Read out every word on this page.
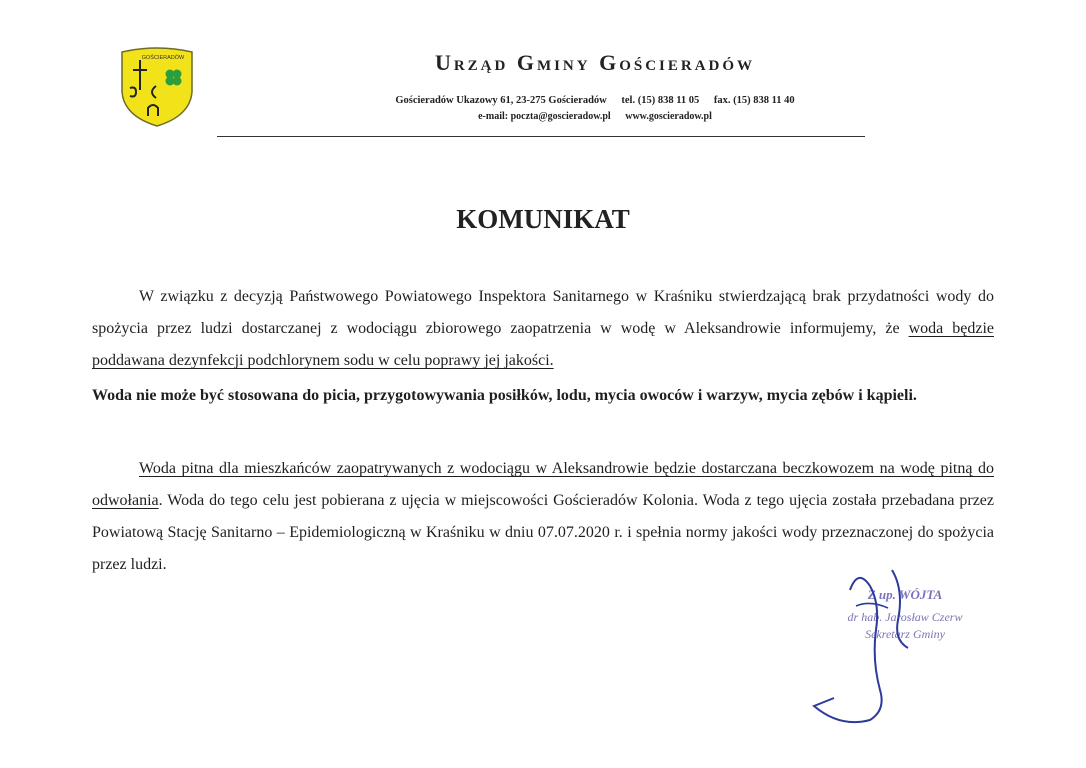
GOŚCIERADÓW	Urząd Gminy Gościeradów
Gościeradów Ukazowy 61, 23-275 Gościeradów tel. (15) 838 11 05 fax. (15) 838 11 40
e-mail: poczta@goscieradow.pl www.goscieradow.pl
KOMUNIKAT
W związku z decyzją Państwowego Powiatowego Inspektora Sanitarnego w Kraśniku stwierdzającą brak przydatności wody do spożycia przez ludzi dostarczanej z wodociągu zbiorowego zaopatrzenia w wodę w Aleksandrowie informujemy, że woda będzie poddawana dezynfekcji podchlorynem sodu w celu poprawy jej jakości.
Woda nie może być stosowana do picia, przygotowywania posiłków, lodu, mycia owoców i warzyw, mycia zębów i kąpieli.
Woda pitna dla mieszkańców zaopatrywanych z wodociągu w Aleksandrowie będzie dostarczana beczkowozem na wodę pitną do odwołania. Woda do tego celu jest pobierana z ujęcia w miejscowości Gościeradów Kolonia. Woda z tego ujęcia została przebadana przez Powiatową Stację Sanitarno – Epidemiologiczną w Kraśniku w dniu 07.07.2020 r. i spełnia normy jakości wody przeznaczonej do spożycia przez ludzi.
Z up. WÓJTA
dr hab. Jarosław Czerw
Sekretarz Gminy
